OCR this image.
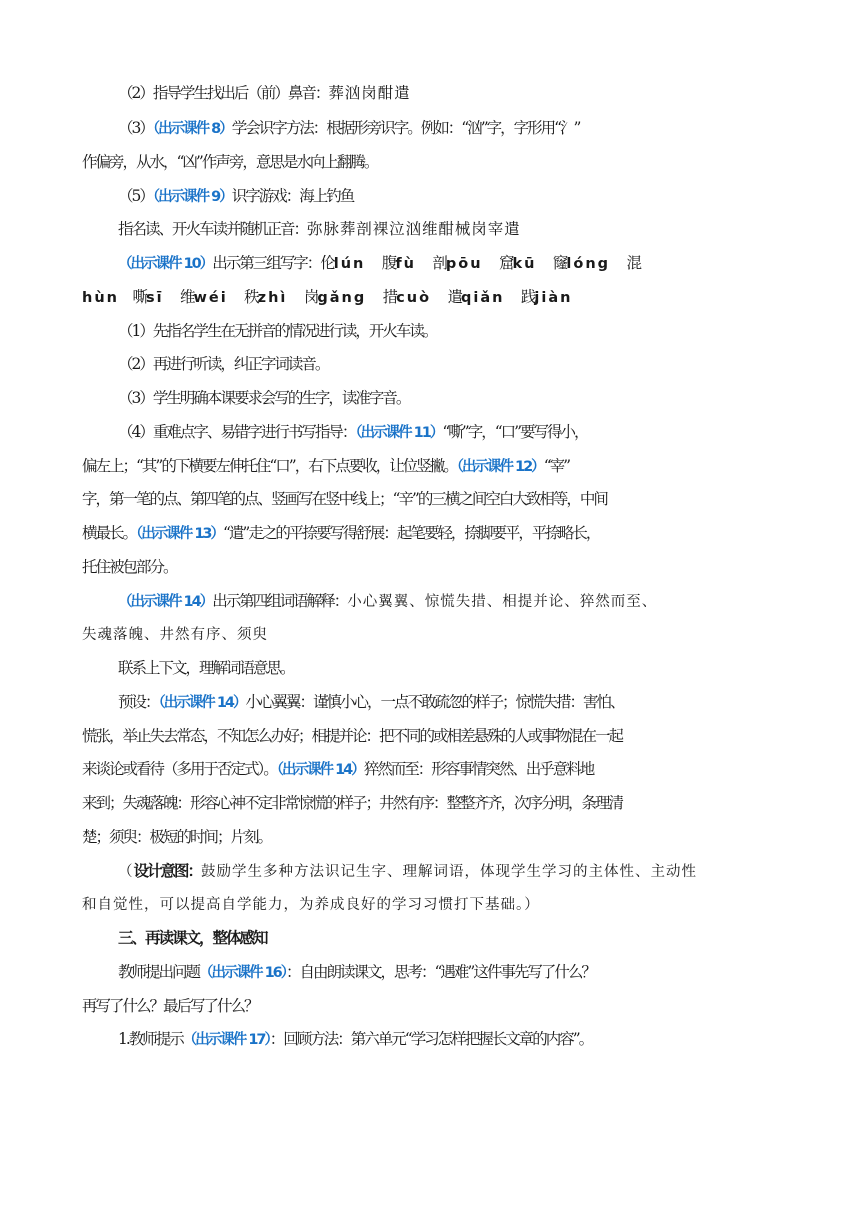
（2）指导学生找出后（前）鼻音：葬 汹 岗 酣 遣
（3）（出示课件 8）学会识字方法：根据形旁识字。例如：“汹”字，字形用“氵”
作偏旁，从水，“凶”作声旁，意思是水向上翻腾。
（5）（出示课件 9）识字游戏：海上钓鱼
指名读、开火车读并随机正音：弥 脉 葬 剖 裸 泣 汹 维 酣 械 岗 宰 遣
（出示课件 10）出示第三组写字：伦lún 　腹fù 　剖pōu 　窟kū 　窿lóng 　混
hùn　嘶sī 　维wéi 　秩zhì 　岗gǎng 　措cuò 　遣qiǎn 　践jiàn
（1）先指名学生在无拼音的情况进行读，开火车读。
（2）再进行听读，纠正字词读音。
（3）学生明确本课要求会写的生字，读准字音。
（4）重难点字、易错字进行书写指导：（出示课件 11）“嘶”字，“口”要写得小，
偏左上；“其”的下横要左伸托住“口”，右下点要收，让位竖撇。（出示课件 12）“宰”
字，第一笔的点、第四笔的点、竖画写在竖中线上；“辛”的三横之间空白大致相等，中间
横最长。（出示课件 13）“遣”走之的平捺要写得舒展：起笔要轻，捺脚要平，平捺略长，
托住被包部分。
（出示课件 14）出示第四组词语解释：小心翼翼、惊慌失措、相提并论、猝然而至、
失魂落魄、井然有序、须臾
联系上下文，理解词语意思。
预设：（出示课件 14）小心翼翼：谨慎小心，一点不敢疏忽的样子；惊慌失措：害怕、
慌张，举止失去常态，不知怎么办好；相提并论：把不同的或相差悬殊的人或事物混在一起
来谈论或看待（多用于否定式）。（出示课件 14）猝然而至：形容事情突然、出乎意料地
来到；失魂落魄：形容心神不定非常惊慌的样子；井然有序：整整齐齐，次序分明，条理清
楚；须臾：极短的时间；片刻。
（设计意图：鼓励学生多种方法识记生字、理解词语，体现学生学习的主体性、主动性
和自觉性，可以提高自学能力，为养成良好的学习习惯打下基础。）
三、再读课文，整体感知
教师提出问题（出示课件 16）：自由朗读课文，思考：“遇难”这件事先写了什么？
再写了什么？最后写了什么？
1.教师提示（出示课件 17）：回顾方法：第六单元“学习怎样把握长文章的内容”。
